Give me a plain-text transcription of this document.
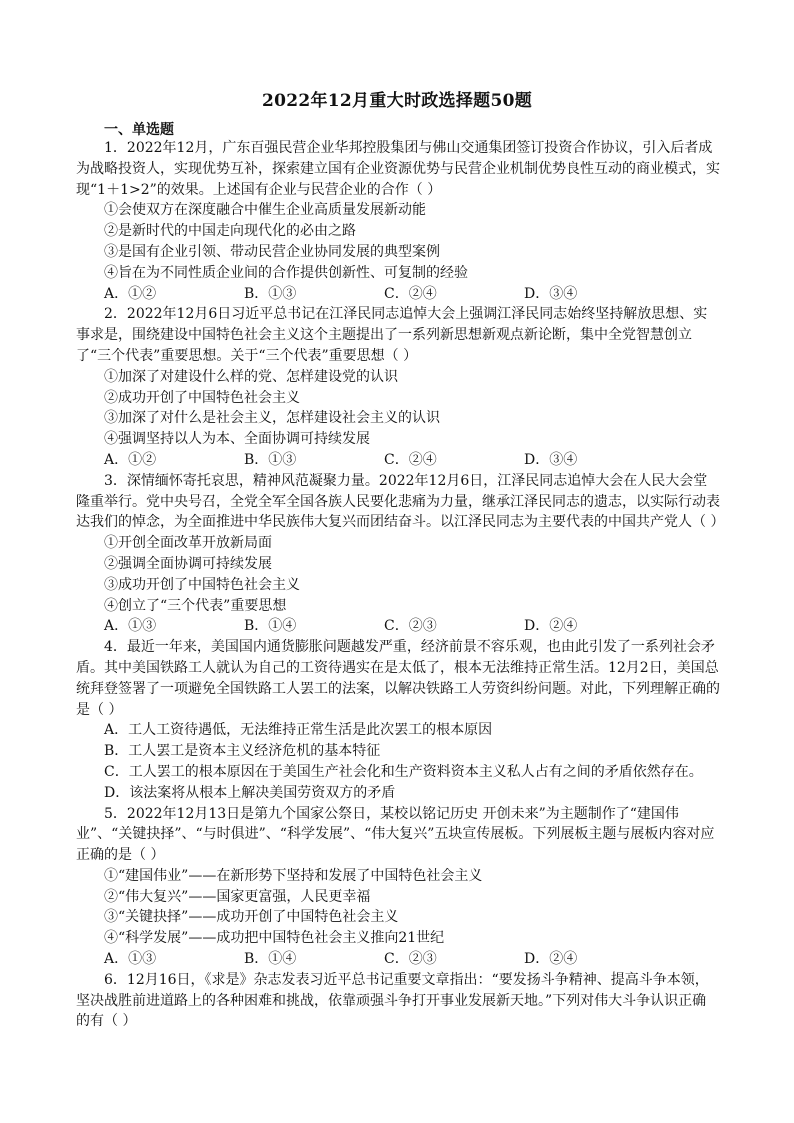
2022年12月重大时政选择题50题
一、单选题
1．2022年12月，广东百强民营企业华邦控股集团与佛山交通集团签订投资合作协议，引入后者成为战略投资人，实现优势互补，探索建立国有企业资源优势与民营企业机制优势良性互动的商业模式，实现“1＋1>2”的效果。上述国有企业与民营企业的合作（ ）
①会使双方在深度融合中催生企业高质量发展新动能
②是新时代的中国走向现代化的必由之路
③是国有企业引领、带动民营企业协同发展的典型案例
④旨在为不同性质企业间的合作提供创新性、可复制的经验
A．①②	B．①③	C．②④	D．③④
2．2022年12月6日习近平总书记在江泽民同志追悼大会上强调江泽民同志始终坚持解放思想、实事求是，围绕建设中国特色社会主义这个主题提出了一系列新思想新观点新论断，集中全党智慧创立了“三个代表”重要思想。关于“三个代表”重要思想（ ）
①加深了对建设什么样的党、怎样建设党的认识
②成功开创了中国特色社会主义
③加深了对什么是社会主义，怎样建设社会主义的认识
④强调坚持以人为本、全面协调可持续发展
A．①②	B．①③	C．②④	D．③④
3．深情缅怀寄托哀思，精神风范凝聚力量。2022年12月6日，江泽民同志追悼大会在人民大会堂隆重举行。党中央号召，全党全军全国各族人民要化悲痛为力量，继承江泽民同志的遗志，以实际行动表达我们的悼念，为全面推进中华民族伟大复兴而团结奋斗。以江泽民同志为主要代表的中国共产党人（ ）
①开创全面改革开放新局面
②强调全面协调可持续发展
③成功开创了中国特色社会主义
④创立了“三个代表”重要思想
A．①③	B．①④	C．②③	D．②④
4．最近一年来，美国国内通货膨胀问题越发严重，经济前景不容乐观，也由此引发了一系列社会矛盾。其中美国铁路工人就认为自己的工资待遇实在是太低了，根本无法维持正常生活。12月2日，美国总统拜登签署了一项避免全国铁路工人罢工的法案，以解决铁路工人劳资纠纷问题。对此，下列理解正确的是（ ）
A．工人工资待遇低，无法维持正常生活是此次罢工的根本原因
B．工人罢工是资本主义经济危机的基本特征
C．工人罢工的根本原因在于美国生产社会化和生产资料资本主义私人占有之间的矛盾依然存在。
D．该法案将从根本上解决美国劳资双方的矛盾
5．2022年12月13日是第九个国家公祭日，某校以铭记历史 开创未来”为主题制作了“建国伟业”、“关键抉择”、“与时俱进”、“科学发展”、“伟大复兴”五块宣传展板。下列展板主题与展板内容对应正确的是（ ）
①“建国伟业”——在新形势下坚持和发展了中国特色社会主义
②“伟大复兴”——国家更富强，人民更幸福
③“关键抉择”——成功开创了中国特色社会主义
④“科学发展”——成功把中国特色社会主义推向21世纪
A．①③	B．①④	C．②③	D．②④
6．12月16日，《求是》杂志发表习近平总书记重要文章指出：“要发扬斗争精神、提高斗争本领，坚决战胜前进道路上的各种困难和挑战，依靠顽强斗争打开事业发展新天地。”下列对伟大斗争认识正确的有（ ）
